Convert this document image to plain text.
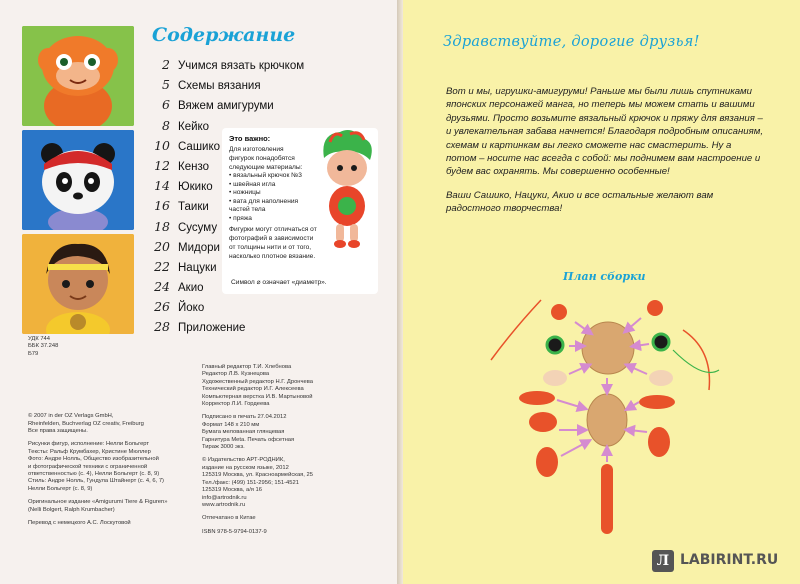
Содержание
2 Учимся вязать крючком
5 Схемы вязания
6 Вяжем амигуруми
8 Кейко
10 Сашико
12 Кензо
14 Юкико
16 Таики
18 Сусуму
20 Мидори
22 Нацуки
24 Акио
26 Йоко
28 Приложение
Это важно:
Для изготовления фигурок понадобятся следующие материалы:
• вязальный крючок №3
• швейная игла
• ножницы
• вата для наполнения частей тела
• пряжа
Фигурки могут отличаться от фотографий в зависимости от толщины нити и от того, насколько плотное вязание.
Символ ⌀ означает «диаметр».
УДК 744
ББК 37.248
Б79
© 2007 in der OZ Verlags GmbH,
Rheinfelden, Buchverlag OZ creativ, Freiburg
Все права защищены.
Рисунки фигур, исполнение: Нелли Больгерт
Тексты: Ральф Крумбахер, Кристине Мюллер
Фото: Андре Нолль, Общество изобразительной
и фотографической техники с ограниченной
ответственностью (с. 4), Нелли Больгерт (с. 8, 9)
Стиль: Андре Нолль, Гундула Штайнерт (с. 4, 6, 7)
Нелли Больгерт (с. 8, 9)
Оригинальное издание «Amigurumi Tiere & Figuren»
(Nelli Bolgert, Ralph Krumbacher)
Перевод с немецкого А.С. Лоскутовой
Главный редактор Т.И. Хлебнова
Редактор Л.В. Кузнецова
Художественный редактор Н.Г. Дрончева
Технический редактор И.Г. Алексеева
Компьютерная верстка И.В. Мартыновой
Корректор Л.И. Гордеева
Подписано в печать 27.04.2012
Формат 148 х 210 мм
Бумага мелованная глянцевая
Гарнитура Meta. Печать офсетная
Тираж 3000 экз.
© Издательство АРТ-РОДНИК,
издание на русском языке, 2012
125319 Москва, ул. Красноармейская, 25
Тел./факс: (499) 151-2956; 151-4521
125319 Москва, а/я 16
info@artrodnik.ru
www.artrodnik.ru
Отпечатано в Китае
ISBN 978-5-9794-0137-9
Здравствуйте, дорогие друзья!

Вот и мы, игрушки-амигуруми! Раньше мы были лишь спутниками японских персонажей манга, но теперь мы можем стать и вашими друзьями. Просто возьмите вязальный крючок и пряжу для вязания – и увлекательная забава начнется! Благодаря подробным описаниям, схемам и картинкам вы легко сможете нас смастерить. Ну а потом – носите нас всегда с собой: мы поднимем вам настроение и будем вас охранять. Мы совершенно особенные!

Ваши Сашико, Нацуки, Акио и все остальные желают вам радостного творчества!

План сборки
Л LABIRINT.RU
